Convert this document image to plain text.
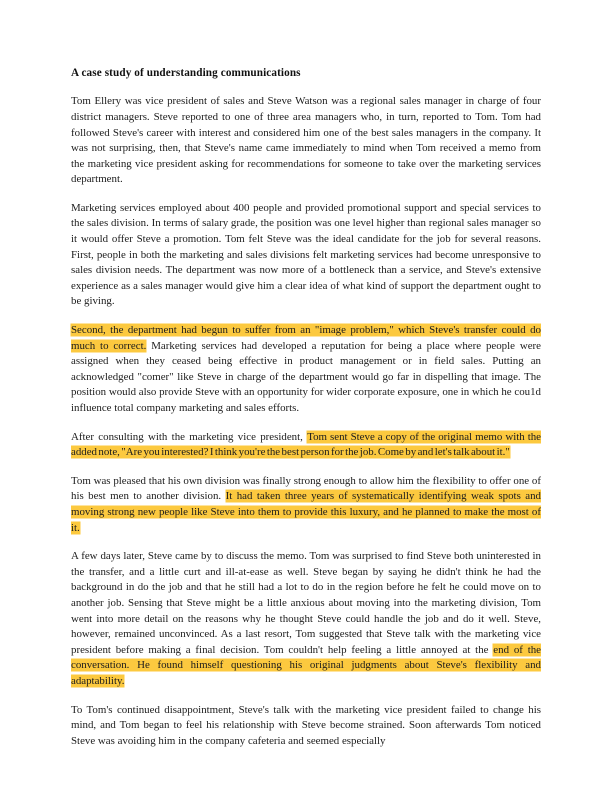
A case study of understanding communications

Tom Ellery was vice president of sales and Steve Watson was a regional sales manager in charge of four district managers. Steve reported to one of three area managers who, in turn, reported to Tom. Tom had followed Steve's career with interest and considered him one of the best sales managers in the company. It was not surprising, then, that Steve's name came immediately to mind when Tom received a memo from the marketing vice president asking for recommendations for someone to take over the marketing services department.

Marketing services employed about 400 people and provided promotional support and special services to the sales division. In terms of salary grade, the position was one level higher than regional sales manager so it would offer Steve a promotion. Tom felt Steve was the ideal candidate for the job for several reasons. First, people in both the marketing and sales divisions felt marketing services had become unresponsive to sales division needs. The department was now more of a bottleneck than a service, and Steve's extensive experience as a sales manager would give him a clear idea of what kind of support the department ought to be giving.

Second, the department had begun to suffer from an "image problem," which Steve's transfer could do much to correct. Marketing services had developed a reputation for being a place where people were assigned when they ceased being effective in product management or in field sales. Putting an acknowledged "comer" like Steve in charge of the department would go far in dispelling that image. The position would also provide Steve with an opportunity for wider corporate exposure, one in which he cou1d influence total company marketing and sales efforts.

After consulting with the marketing vice president, Tom sent Steve a copy of the original memo with the added note, "Are you interested? I think you're the best person for the job. Come by and let's talk about it."

Tom was pleased that his own division was finally strong enough to allow him the flexibility to offer one of his best men to another division. It had taken three years of systematically identifying weak spots and moving strong new people like Steve into them to provide this luxury, and he planned to make the most of it.

A few days later, Steve came by to discuss the memo. Tom was surprised to find Steve both uninterested in the transfer, and a little curt and ill-at-ease as well. Steve began by saying he didn't think he had the background in do the job and that he still had a lot to do in the region before he felt he could move on to another job. Sensing that Steve might be a little anxious about moving into the marketing division, Tom went into more detail on the reasons why he thought Steve could handle the job and do it well. Steve, however, remained unconvinced. As a last resort, Tom suggested that Steve talk with the marketing vice president before making a final decision. Tom couldn't help feeling a little annoyed at the end of the conversation. He found himself questioning his original judgments about Steve's flexibility and adaptability.

To Tom's continued disappointment, Steve's talk with the marketing vice president failed to change his mind, and Tom began to feel his relationship with Steve become strained. Soon afterwards Tom noticed Steve was avoiding him in the company cafeteria and seemed especially
